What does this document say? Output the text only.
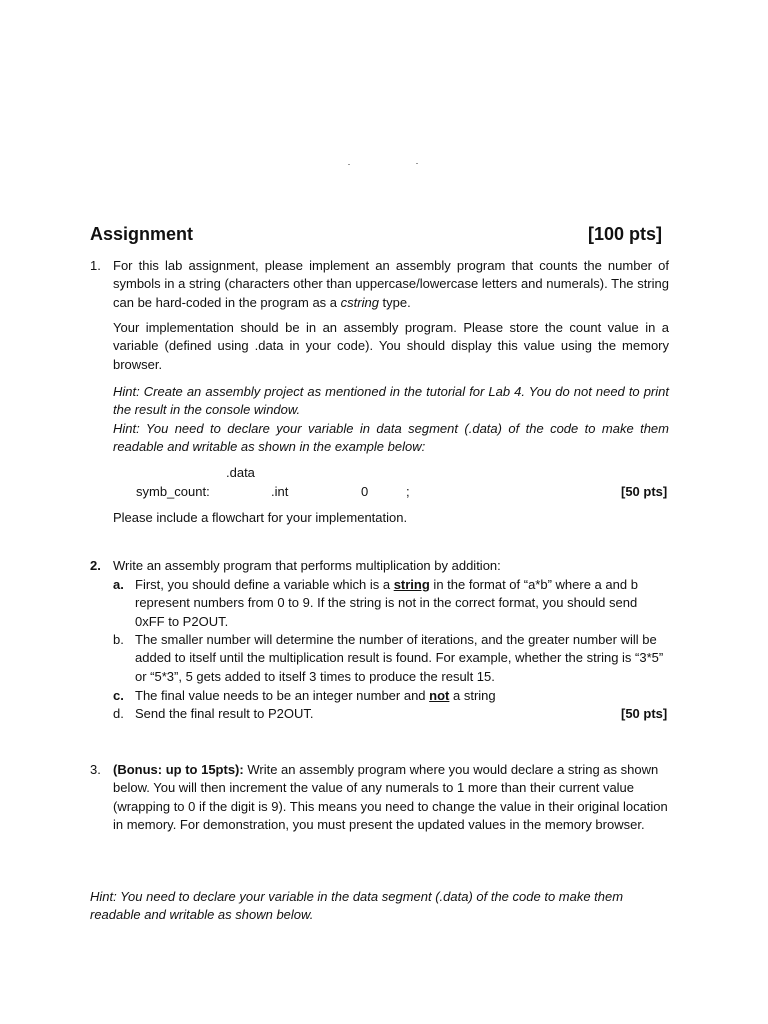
Assignment	[100 pts]
1. For this lab assignment, please implement an assembly program that counts the number of symbols in a string (characters other than uppercase/lowercase letters and numerals). The string can be hard-coded in the program as a cstring type.
Your implementation should be in an assembly program. Please store the count value in a variable (defined using .data in your code). You should display this value using the memory browser.
Hint: Create an assembly project as mentioned in the tutorial for Lab 4. You do not need to print the result in the console window.
Hint: You need to declare your variable in data segment (.data) of the code to make them readable and writable as shown in the example below:
.data
symb_count:	.int	0	;	[50 pts]
Please include a flowchart for your implementation.
2. Write an assembly program that performs multiplication by addition:
a. First, you should define a variable which is a string in the format of “a*b” where a and b represent numbers from 0 to 9. If the string is not in the correct format, you should send 0xFF to P2OUT.
b. The smaller number will determine the number of iterations, and the greater number will be added to itself until the multiplication result is found. For example, whether the string is “3*5” or “5*3”, 5 gets added to itself 3 times to produce the result 15.
c. The final value needs to be an integer number and not a string
d. Send the final result to P2OUT.	[50 pts]
3. (Bonus: up to 15pts): Write an assembly program where you would declare a string as shown below. You will then increment the value of any numerals to 1 more than their current value (wrapping to 0 if the digit is 9). This means you need to change the value in their original location in memory. For demonstration, you must present the updated values in the memory browser.
Hint: You need to declare your variable in the data segment (.data) of the code to make them readable and writable as shown below.
